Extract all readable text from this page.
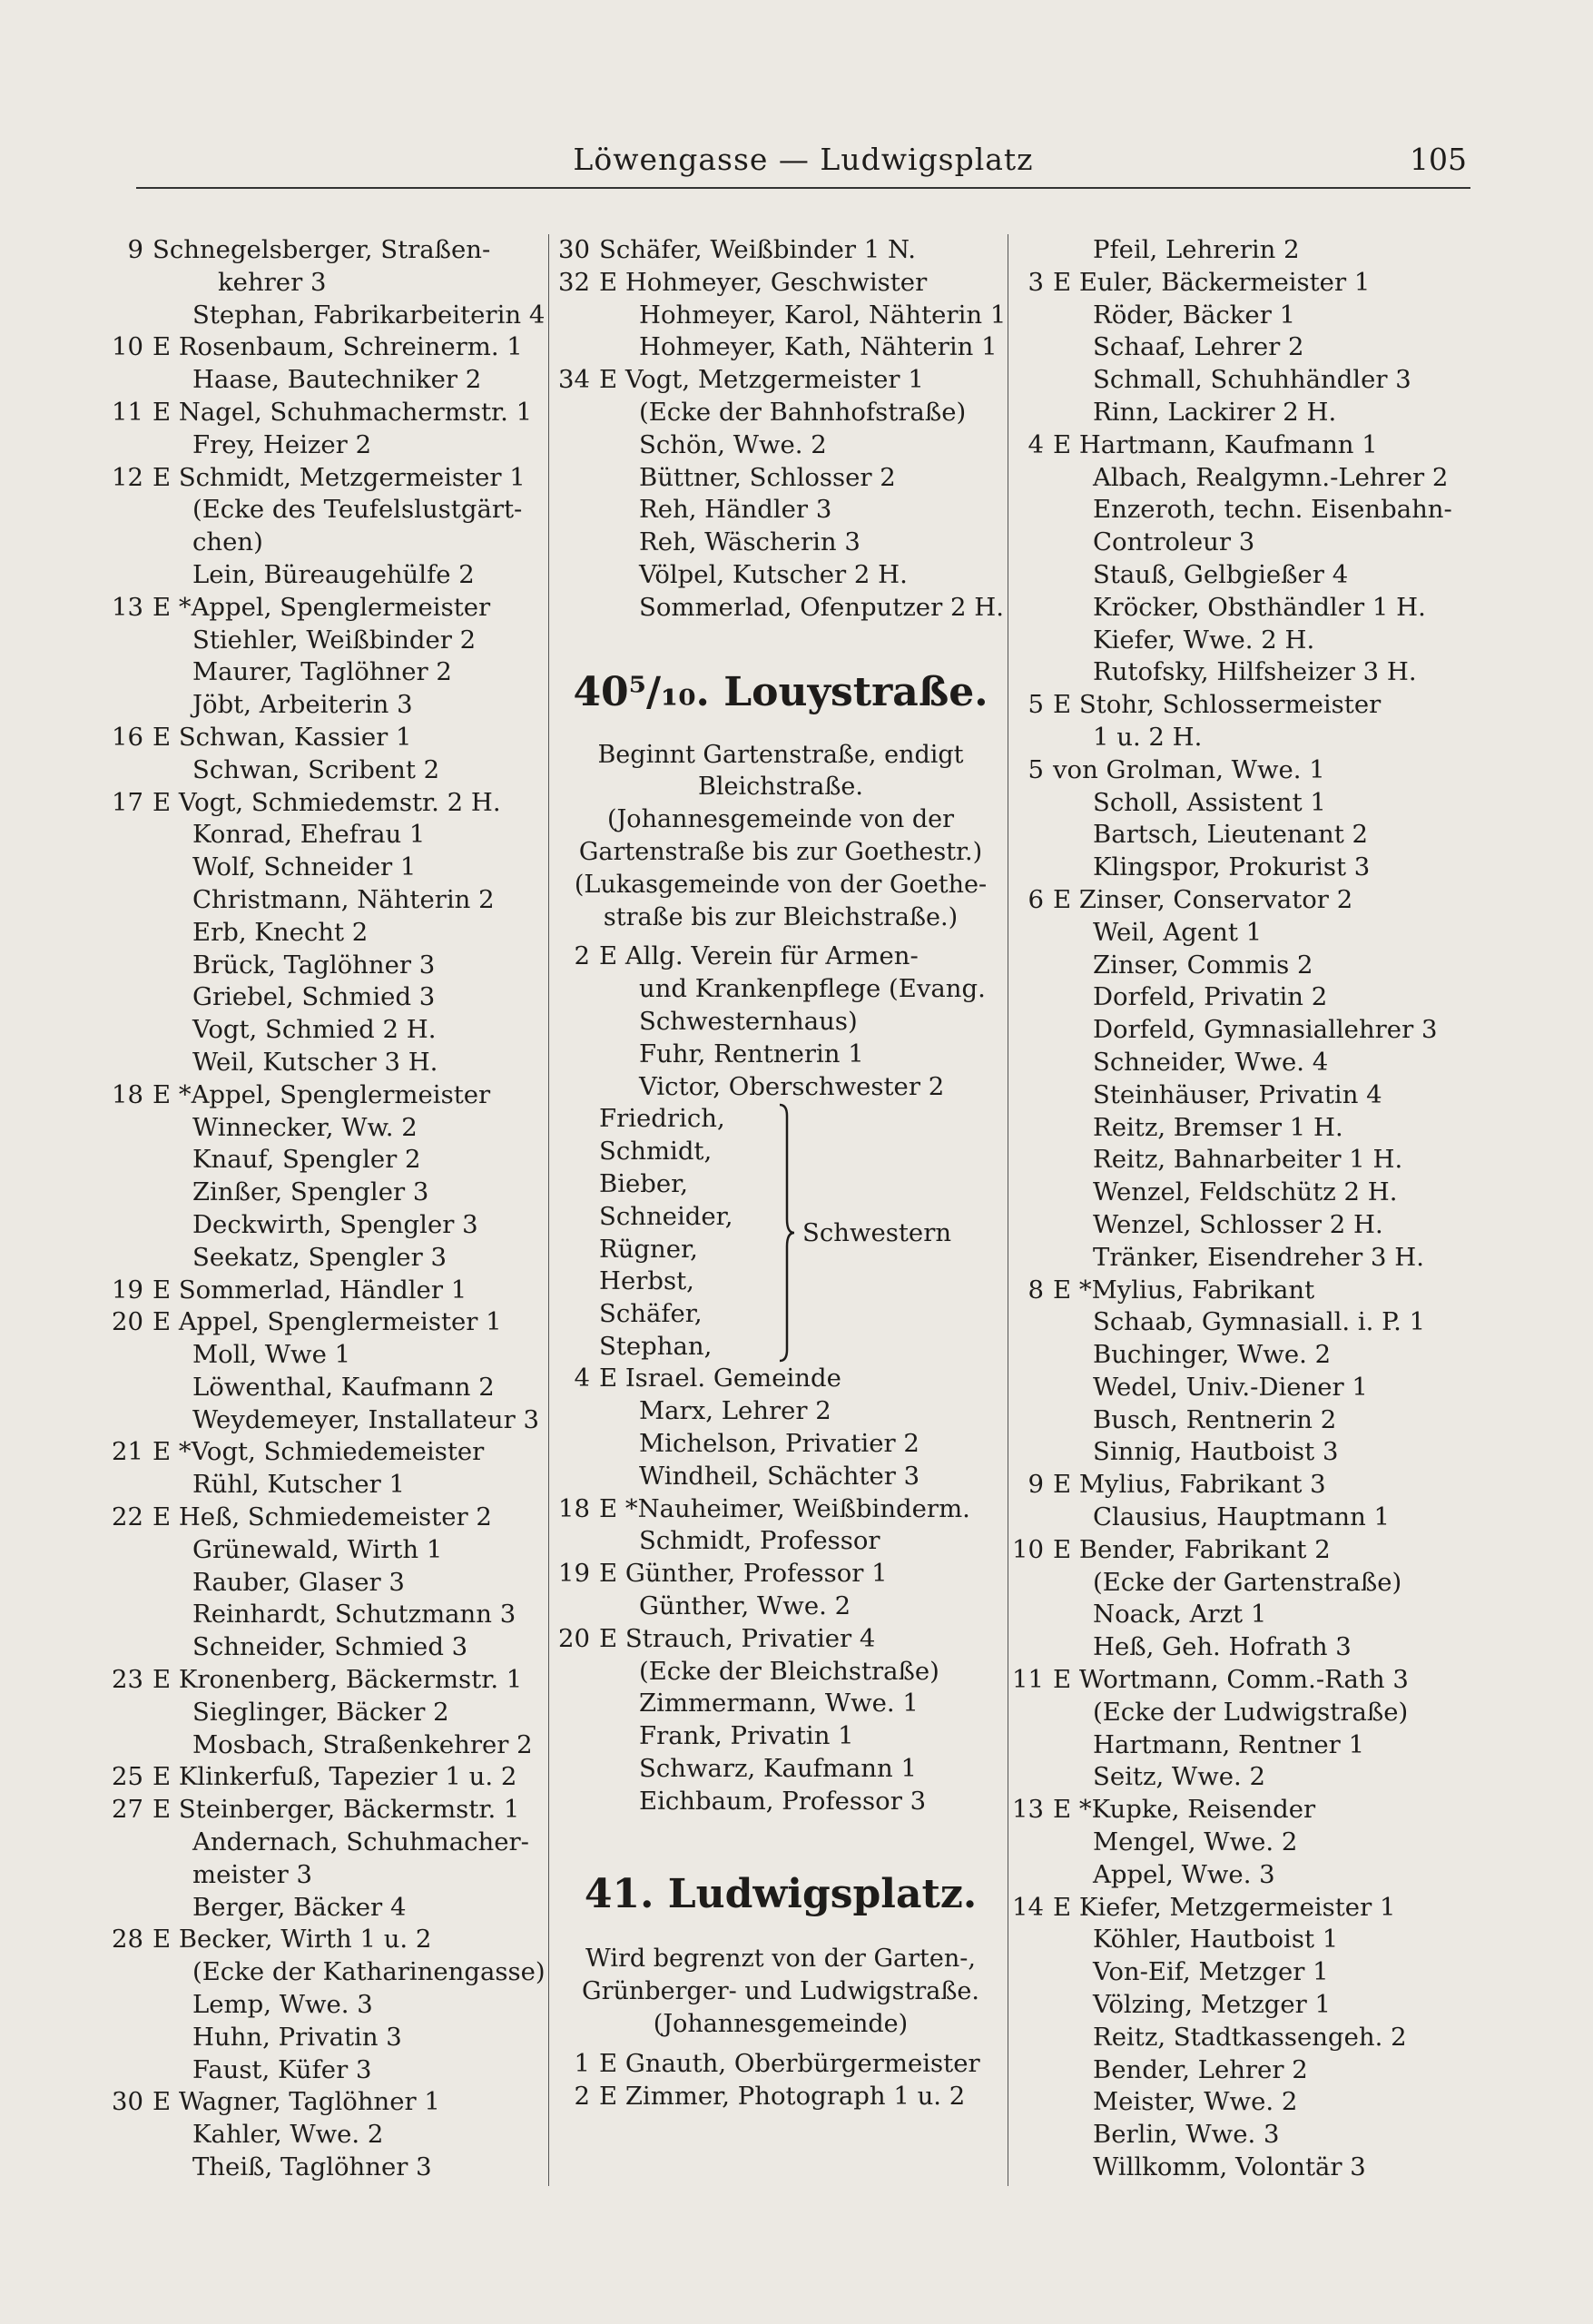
Löwengasse — Ludwigsplatz	105
9 Schnegelsberger, Straßen-
kehrer 3
Stephan, Fabrikarbeiterin 4
10 E Rosenbaum, Schreinerm. 1
Haase, Bautechniker 2
11 E Nagel, Schuhmachermstr. 1
Frey, Heizer 2
12 E Schmidt, Metzgermeister 1
(Ecke des Teufelslustgärt-
chen)
Lein, Büreaugehülfe 2
13 E *Appel, Spenglermeister
Stiehler, Weißbinder 2
Maurer, Taglöhner 2
Jöbt, Arbeiterin 3
16 E Schwan, Kassier 1
Schwan, Scribent 2
17 E Vogt, Schmiedemstr. 2 H.
Konrad, Ehefrau 1
Wolf, Schneider 1
Christmann, Nähterin 2
Erb, Knecht 2
Brück, Taglöhner 3
Griebel, Schmied 3
Vogt, Schmied 2 H.
Weil, Kutscher 3 H.
18 E *Appel, Spenglermeister
Winnecker, Ww. 2
Knauf, Spengler 2
Zinßer, Spengler 3
Deckwirth, Spengler 3
Seekatz, Spengler 3
19 E Sommerlad, Händler 1
20 E Appel, Spenglermeister 1
Moll, Wwe 1
Löwenthal, Kaufmann 2
Weydemeyer, Installateur 3
21 E *Vogt, Schmiedemeister
Rühl, Kutscher 1
22 E Heß, Schmiedemeister 2
Grünewald, Wirth 1
Rauber, Glaser 3
Reinhardt, Schutzmann 3
Schneider, Schmied 3
23 E Kronenberg, Bäckermstr. 1
Sieglinger, Bäcker 2
Mosbach, Straßenkehrer 2
25 E Klinkerfuß, Tapezier 1 u. 2
27 E Steinberger, Bäckermstr. 1
Andernach, Schuhmacher-
meister 3
Berger, Bäcker 4
28 E Becker, Wirth 1 u. 2
(Ecke der Katharinengasse)
Lemp, Wwe. 3
Huhn, Privatin 3
Faust, Küfer 3
30 E Wagner, Taglöhner 1
Kahler, Wwe. 2
Theiß, Taglöhner 3
30 Schäfer, Weißbinder 1 N.
32 E Hohmeyer, Geschwister
Hohmeyer, Karol, Nähterin 1
Hohmeyer, Kath, Nähterin 1
34 E Vogt, Metzgermeister 1
(Ecke der Bahnhofstraße)
Schön, Wwe. 2
Büttner, Schlosser 2
Reh, Händler 3
Reh, Wäscherin 3
Völpel, Kutscher 2 H.
Sommerlad, Ofenputzer 2 H.
40⁵/₁₀. Louystraße.
Beginnt Gartenstraße, endigt
Bleichstraße.
(Johannesgemeinde von der
Gartenstraße bis zur Goethestr.)
(Lukasgemeinde von der Goethe-
straße bis zur Bleichstraße.)
2 E Allg. Verein für Armen-
und Krankenpflege (Evang.
Schwesternhaus)
Fuhr, Rentnerin 1
Victor, Oberschwester 2
Friedrich,
Schmidt,
Bieber,
Schneider,
Rügner,
Herbst,
Schäfer,
Stephan,
Schwestern
4 E Israel. Gemeinde
Marx, Lehrer 2
Michelson, Privatier 2
Windheil, Schächter 3
18 E *Nauheimer, Weißbinderm.
Schmidt, Professor
19 E Günther, Professor 1
Günther, Wwe. 2
20 E Strauch, Privatier 4
(Ecke der Bleichstraße)
Zimmermann, Wwe. 1
Frank, Privatin 1
Schwarz, Kaufmann 1
Eichbaum, Professor 3
41. Ludwigsplatz.
Wird begrenzt von der Garten-,
Grünberger- und Ludwigstraße.
(Johannesgemeinde)
1 E Gnauth, Oberbürgermeister
2 E Zimmer, Photograph 1 u. 2
Pfeil, Lehrerin 2
3 E Euler, Bäckermeister 1
Röder, Bäcker 1
Schaaf, Lehrer 2
Schmall, Schuhhändler 3
Rinn, Lackirer 2 H.
4 E Hartmann, Kaufmann 1
Albach, Realgymn.-Lehrer 2
Enzeroth, techn. Eisenbahn-
Controleur 3
Stauß, Gelbgießer 4
Kröcker, Obsthändler 1 H.
Kiefer, Wwe. 2 H.
Rutofsky, Hilfsheizer 3 H.
5 E Stohr, Schlossermeister
1 u. 2 H.
5 von Grolman, Wwe. 1
Scholl, Assistent 1
Bartsch, Lieutenant 2
Klingspor, Prokurist 3
6 E Zinser, Conservator 2
Weil, Agent 1
Zinser, Commis 2
Dorfeld, Privatin 2
Dorfeld, Gymnasiallehrer 3
Schneider, Wwe. 4
Steinhäuser, Privatin 4
Reitz, Bremser 1 H.
Reitz, Bahnarbeiter 1 H.
Wenzel, Feldschütz 2 H.
Wenzel, Schlosser 2 H.
Tränker, Eisendreher 3 H.
8 E *Mylius, Fabrikant
Schaab, Gymnasiall. i. P. 1
Buchinger, Wwe. 2
Wedel, Univ.-Diener 1
Busch, Rentnerin 2
Sinnig, Hautboist 3
9 E Mylius, Fabrikant 3
Clausius, Hauptmann 1
10 E Bender, Fabrikant 2
(Ecke der Gartenstraße)
Noack, Arzt 1
Heß, Geh. Hofrath 3
11 E Wortmann, Comm.-Rath 3
(Ecke der Ludwigstraße)
Hartmann, Rentner 1
Seitz, Wwe. 2
13 E *Kupke, Reisender
Mengel, Wwe. 2
Appel, Wwe. 3
14 E Kiefer, Metzgermeister 1
Köhler, Hautboist 1
Von-Eif, Metzger 1
Völzing, Metzger 1
Reitz, Stadtkassengeh. 2
Bender, Lehrer 2
Meister, Wwe. 2
Berlin, Wwe. 3
Willkomm, Volontär 3
